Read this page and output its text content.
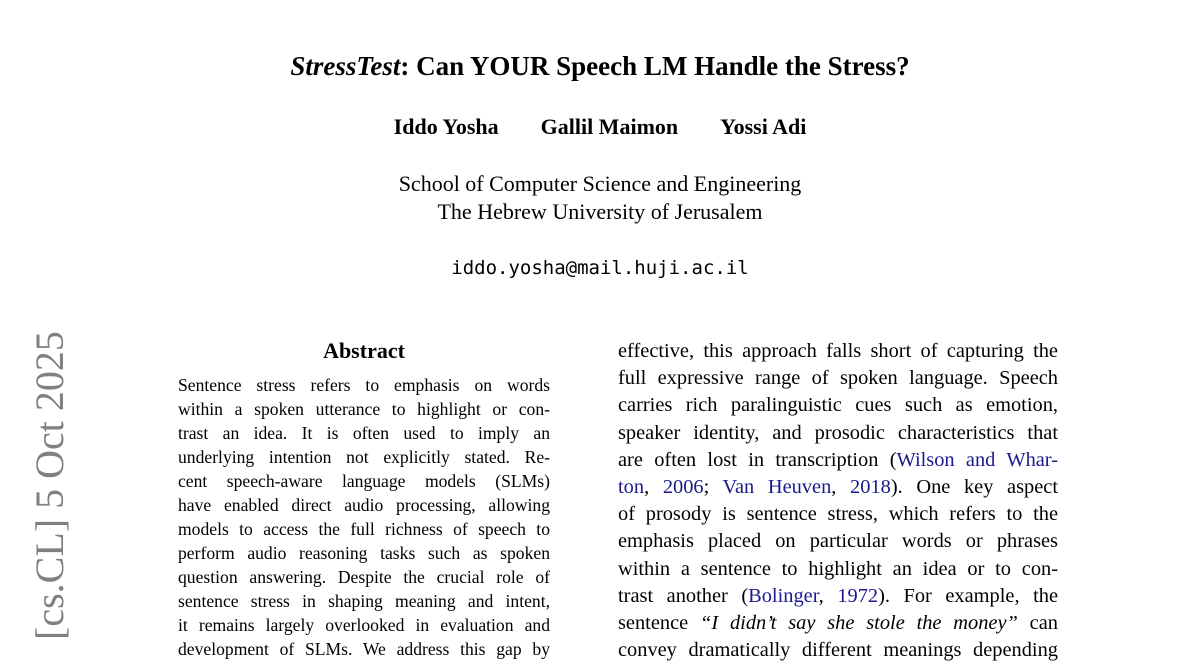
StressTest: Can YOUR Speech LM Handle the Stress?
Iddo Yosha Gallil Maimon Yossi Adi
School of Computer Science and Engineering
The Hebrew University of Jerusalem
iddo.yosha@mail.huji.ac.il
[cs.CL] 5 Oct 2025	Abstract
Sentence stress refers to emphasis on words
within a spoken utterance to highlight or con-
trast an idea. It is often used to imply an
underlying intention not explicitly stated. Re-
cent speech-aware language models (SLMs)
have enabled direct audio processing, allowing
models to access the full richness of speech to
perform audio reasoning tasks such as spoken
question answering. Despite the crucial role of
sentence stress in shaping meaning and intent,
it remains largely overlooked in evaluation and
development of SLMs. We address this gap by
effective, this approach falls short of capturing the
full expressive range of spoken language. Speech
carries rich paralinguistic cues such as emotion,
speaker identity, and prosodic characteristics that
are often lost in transcription (Wilson and Whar-
ton, 2006; Van Heuven, 2018). One key aspect
of prosody is sentence stress, which refers to the
emphasis placed on particular words or phrases
within a sentence to highlight an idea or to con-
trast another (Bolinger, 1972). For example, the
sentence “I didn’t say she stole the money” can
convey dramatically different meanings depending
